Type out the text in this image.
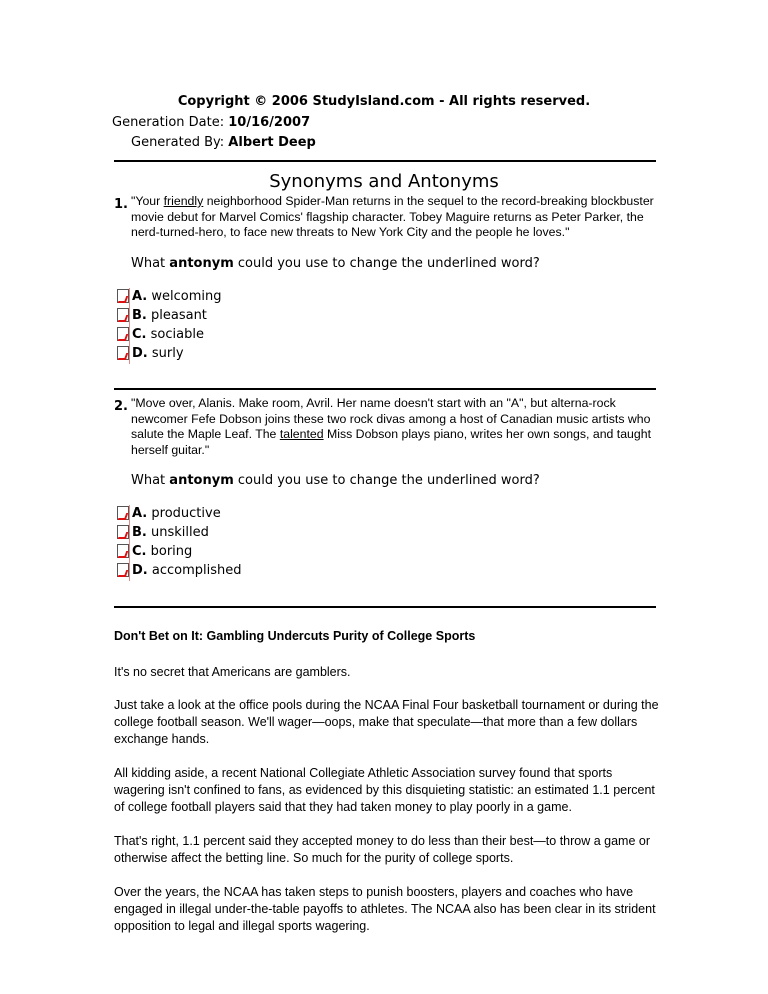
Copyright © 2006 StudyIsland.com - All rights reserved.
Generation Date: 10/16/2007
Generated By: Albert Deep
Synonyms and Antonyms
1. "Your friendly neighborhood Spider-Man returns in the sequel to the record-breaking blockbuster movie debut for Marvel Comics' flagship character. Tobey Maguire returns as Peter Parker, the nerd-turned-hero, to face new threats to New York City and the people he loves."
What antonym could you use to change the underlined word?
A.
welcoming
B.
pleasant
C.
sociable
D.
surly
2. "Move over, Alanis. Make room, Avril. Her name doesn't start with an "A", but alterna-rock newcomer Fefe Dobson joins these two rock divas among a host of Canadian music artists who salute the Maple Leaf. The talented Miss Dobson plays piano, writes her own songs, and taught herself guitar."
What antonym could you use to change the underlined word?
A.
productive
B.
unskilled
C.
boring
D.
accomplished
Don't Bet on It: Gambling Undercuts Purity of College Sports
It's no secret that Americans are gamblers.
Just take a look at the office pools during the NCAA Final Four basketball tournament or during the college football season. We'll wager—oops, make that speculate—that more than a few dollars exchange hands.
All kidding aside, a recent National Collegiate Athletic Association survey found that sports wagering isn't confined to fans, as evidenced by this disquieting statistic: an estimated 1.1 percent of college football players said that they had taken money to play poorly in a game.
That's right, 1.1 percent said they accepted money to do less than their best—to throw a game or otherwise affect the betting line. So much for the purity of college sports.
Over the years, the NCAA has taken steps to punish boosters, players and coaches who have engaged in illegal under-the-table payoffs to athletes. The NCAA also has been clear in its strident opposition to legal and illegal sports wagering.
